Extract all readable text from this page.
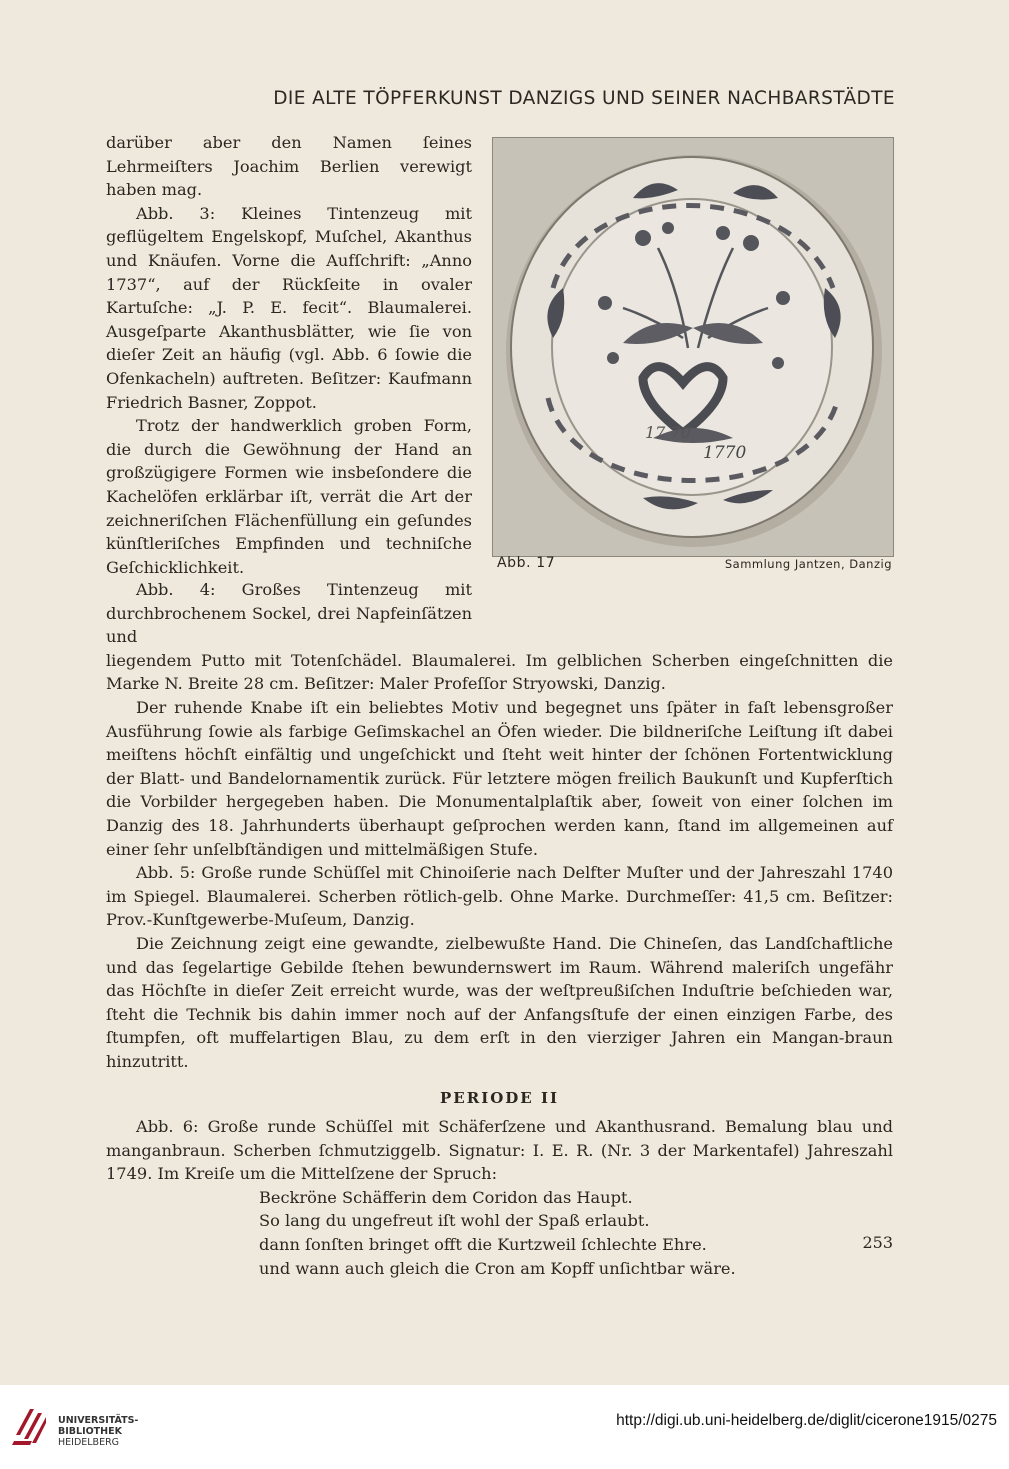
DIE ALTE TÖPFERKUNST DANZIGS UND SEINER NACHBARSTÄDTE

darüber aber den Namen ſeines Lehrmeiſters Joachim Berlien verewigt haben mag.

Abb. 3: Kleines Tintenzeug mit geflügeltem Engelskopf, Muſchel, Akanthus und Knäufen. Vorne die Aufſchrift: „Anno 1737“, auf der Rückſeite in ovaler Kartuſche: „J. P. E. fecit“. Blaumalerei. Ausgeſparte Akanthusblätter, wie ſie von dieſer Zeit an häufig (vgl. Abb. 6 ſowie die Ofenkacheln) auftreten. Beſitzer: Kaufmann Friedrich Basner, Zoppot.

Trotz der handwerklich groben Form, die durch die Gewöhnung der Hand an großzügigere Formen wie insbeſondere die Kachelöfen erklärbar iſt, verrät die Art der zeichneriſchen Flächenfüllung ein geſundes künſtleriſches Empfinden und techniſche Geſchicklichkeit.

17 70
1770
Abb. 17	Sammlung Jantzen, Danzig

Abb. 4: Großes Tintenzeug mit durchbrochenem Sockel, drei Napfeinſätzen und

liegendem Putto mit Totenſchädel. Blaumalerei. Im gelblichen Scherben eingeſchnitten die Marke N. Breite 28 cm. Beſitzer: Maler Profeſſor Stryowski, Danzig.

Der ruhende Knabe iſt ein beliebtes Motiv und begegnet uns ſpäter in faſt lebensgroßer Ausführung ſowie als farbige Geſimskachel an Öfen wieder. Die bildneriſche Leiſtung iſt dabei meiſtens höchſt einfältig und ungeſchickt und ſteht weit hinter der ſchönen Fortentwicklung der Blatt- und Bandelornamentik zurück. Für letztere mögen freilich Baukunſt und Kupferſtich die Vorbilder hergegeben haben. Die Monumentalplaſtik aber, ſoweit von einer ſolchen im Danzig des 18. Jahrhunderts überhaupt geſprochen werden kann, ſtand im allgemeinen auf einer ſehr unſelbſtändigen und mittelmäßigen Stufe.

Abb. 5: Große runde Schüſſel mit Chinoiſerie nach Delfter Muſter und der Jahreszahl 1740 im Spiegel. Blaumalerei. Scherben rötlich-gelb. Ohne Marke. Durchmeſſer: 41,5 cm. Beſitzer: Prov.-Kunſtgewerbe-Muſeum, Danzig.

Die Zeichnung zeigt eine gewandte, zielbewußte Hand. Die Chineſen, das Landſchaftliche und das ſegelartige Gebilde ſtehen bewundernswert im Raum. Während maleriſch ungefähr das Höchſte in dieſer Zeit erreicht wurde, was der weſtpreußiſchen Induſtrie beſchieden war, ſteht die Technik bis dahin immer noch auf der Anfangsſtufe der einen einzigen Farbe, des ſtumpfen, oft muffelartigen Blau, zu dem erſt in den vierziger Jahren ein Mangan-braun hinzutritt.

PERIODE II

Abb. 6: Große runde Schüſſel mit Schäferſzene und Akanthusrand. Bemalung blau und manganbraun. Scherben ſchmutziggelb. Signatur: I. E. R. (Nr. 3 der Markentafel) Jahreszahl 1749. Im Kreiſe um die Mittelſzene der Spruch:

Beckröne Schäfferin dem Coridon das Haupt.

So lang du ungefreut iſt wohl der Spaß erlaubt.

dann ſonſten bringet offt die Kurtzweil ſchlechte Ehre.

und wann auch gleich die Cron am Kopff unſichtbar wäre.

253
UNIVERSITÄTS-
BIBLIOTHEK
HEIDELBERG
http://digi.ub.uni-heidelberg.de/diglit/cicerone1915/0275
